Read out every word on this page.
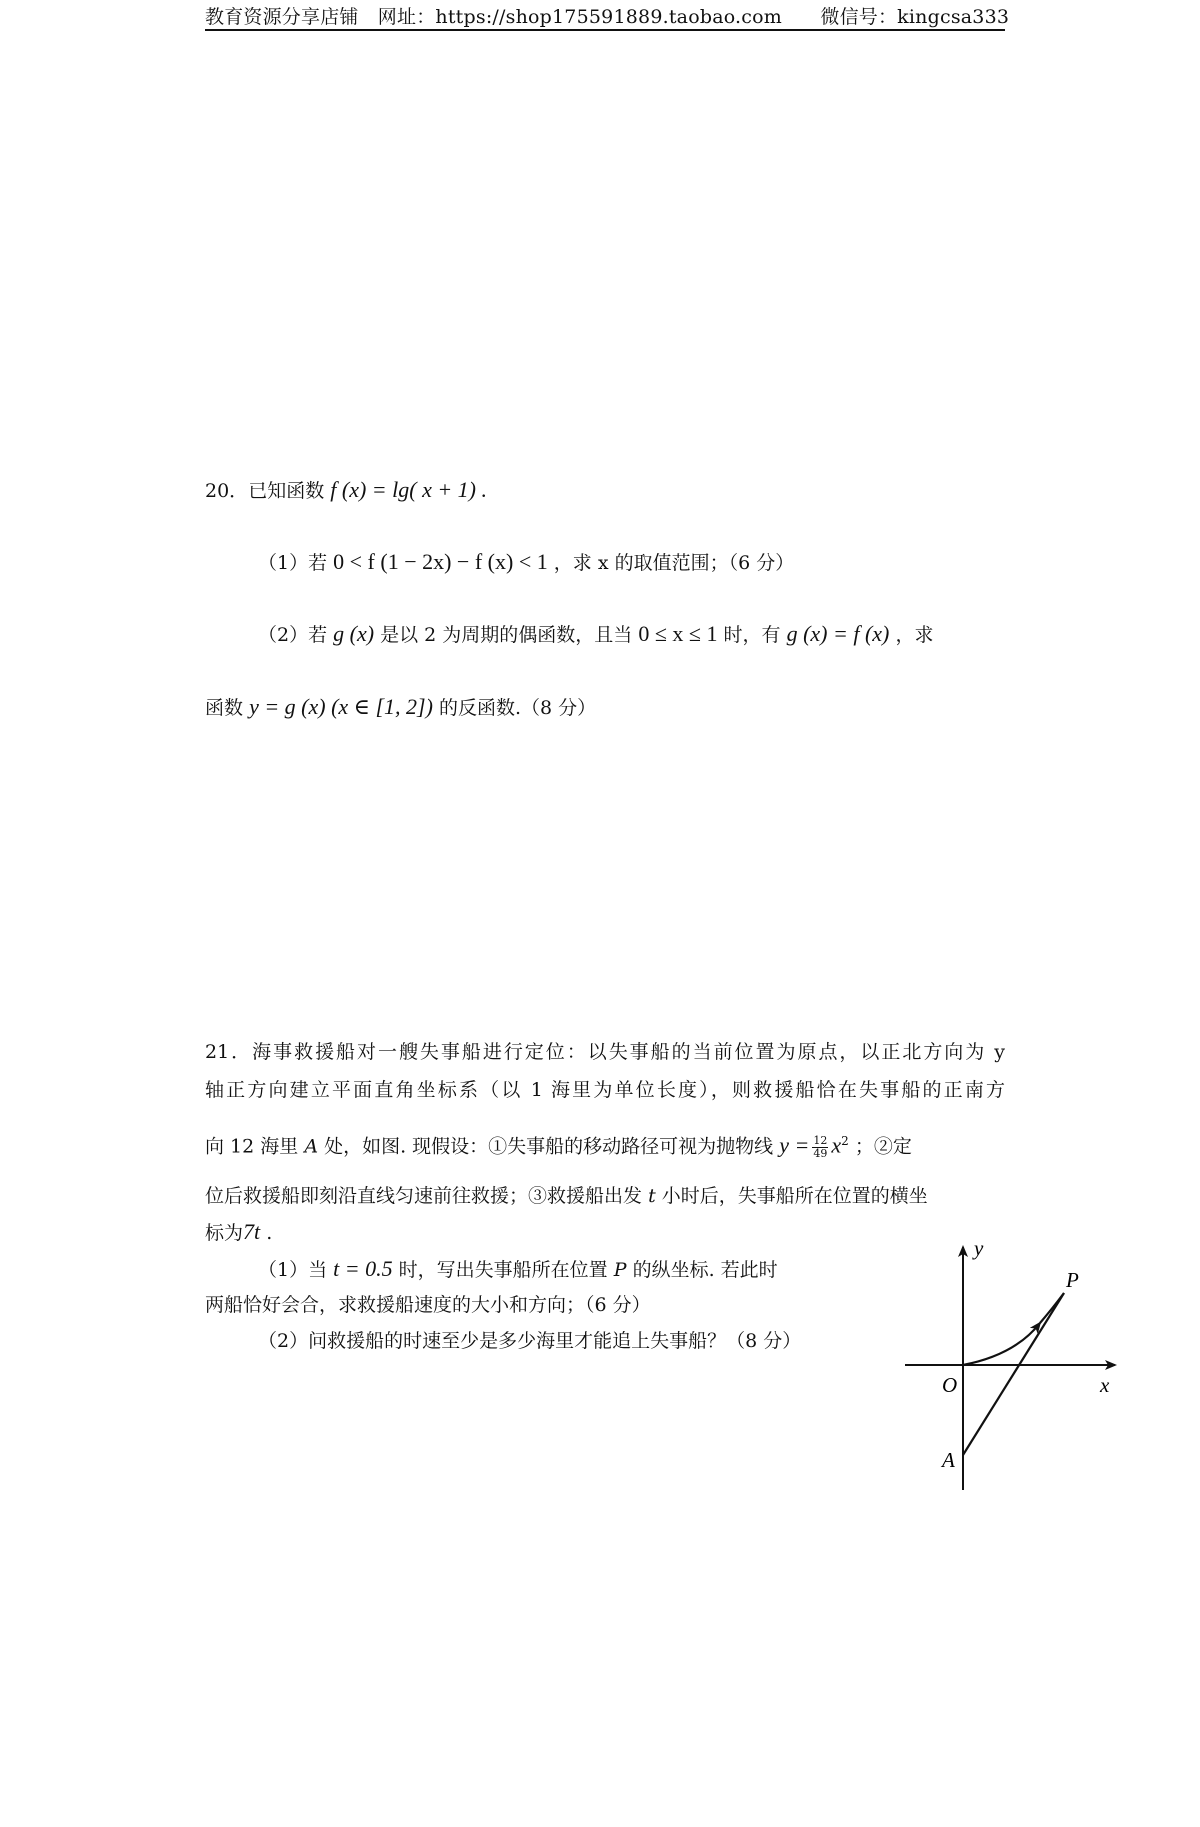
教育资源分享店铺　网址：https://shop175591889.taobao.com　　微信号：kingcsa333
20．已知函数 f (x) = lg( x + 1) .
（1）若 0 < f (1 − 2x) − f (x) < 1 ，求 x 的取值范围；（6 分）
（2）若 g (x) 是以 2 为周期的偶函数，且当 0 ≤ x ≤ 1 时，有 g (x) = f (x) ，求
函数 y = g (x) (x ∈ [1, 2]) 的反函数.（8 分）
21．海事救援船对一艘失事船进行定位：以失事船的当前位置为原点，以正北方向为 y
轴正方向建立平面直角坐标系（以 1 海里为单位长度），则救援船恰在失事船的正南方
向 12 海里 A 处，如图. 现假设：①失事船的移动路径可视为抛物线 $y = \frac{12}{49} x^2$ ；②定
位后救援船即刻沿直线匀速前往救援；③救援船出发 t 小时后，失事船所在位置的横坐
标为7t .
（1）当 t = 0.5 时，写出失事船所在位置 P 的纵坐标. 若此时
两船恰好会合，求救援船速度的大小和方向；（6 分）
（2）问救援船的时速至少是多少海里才能追上失事船？（8 分）
y
x
O
P
A
